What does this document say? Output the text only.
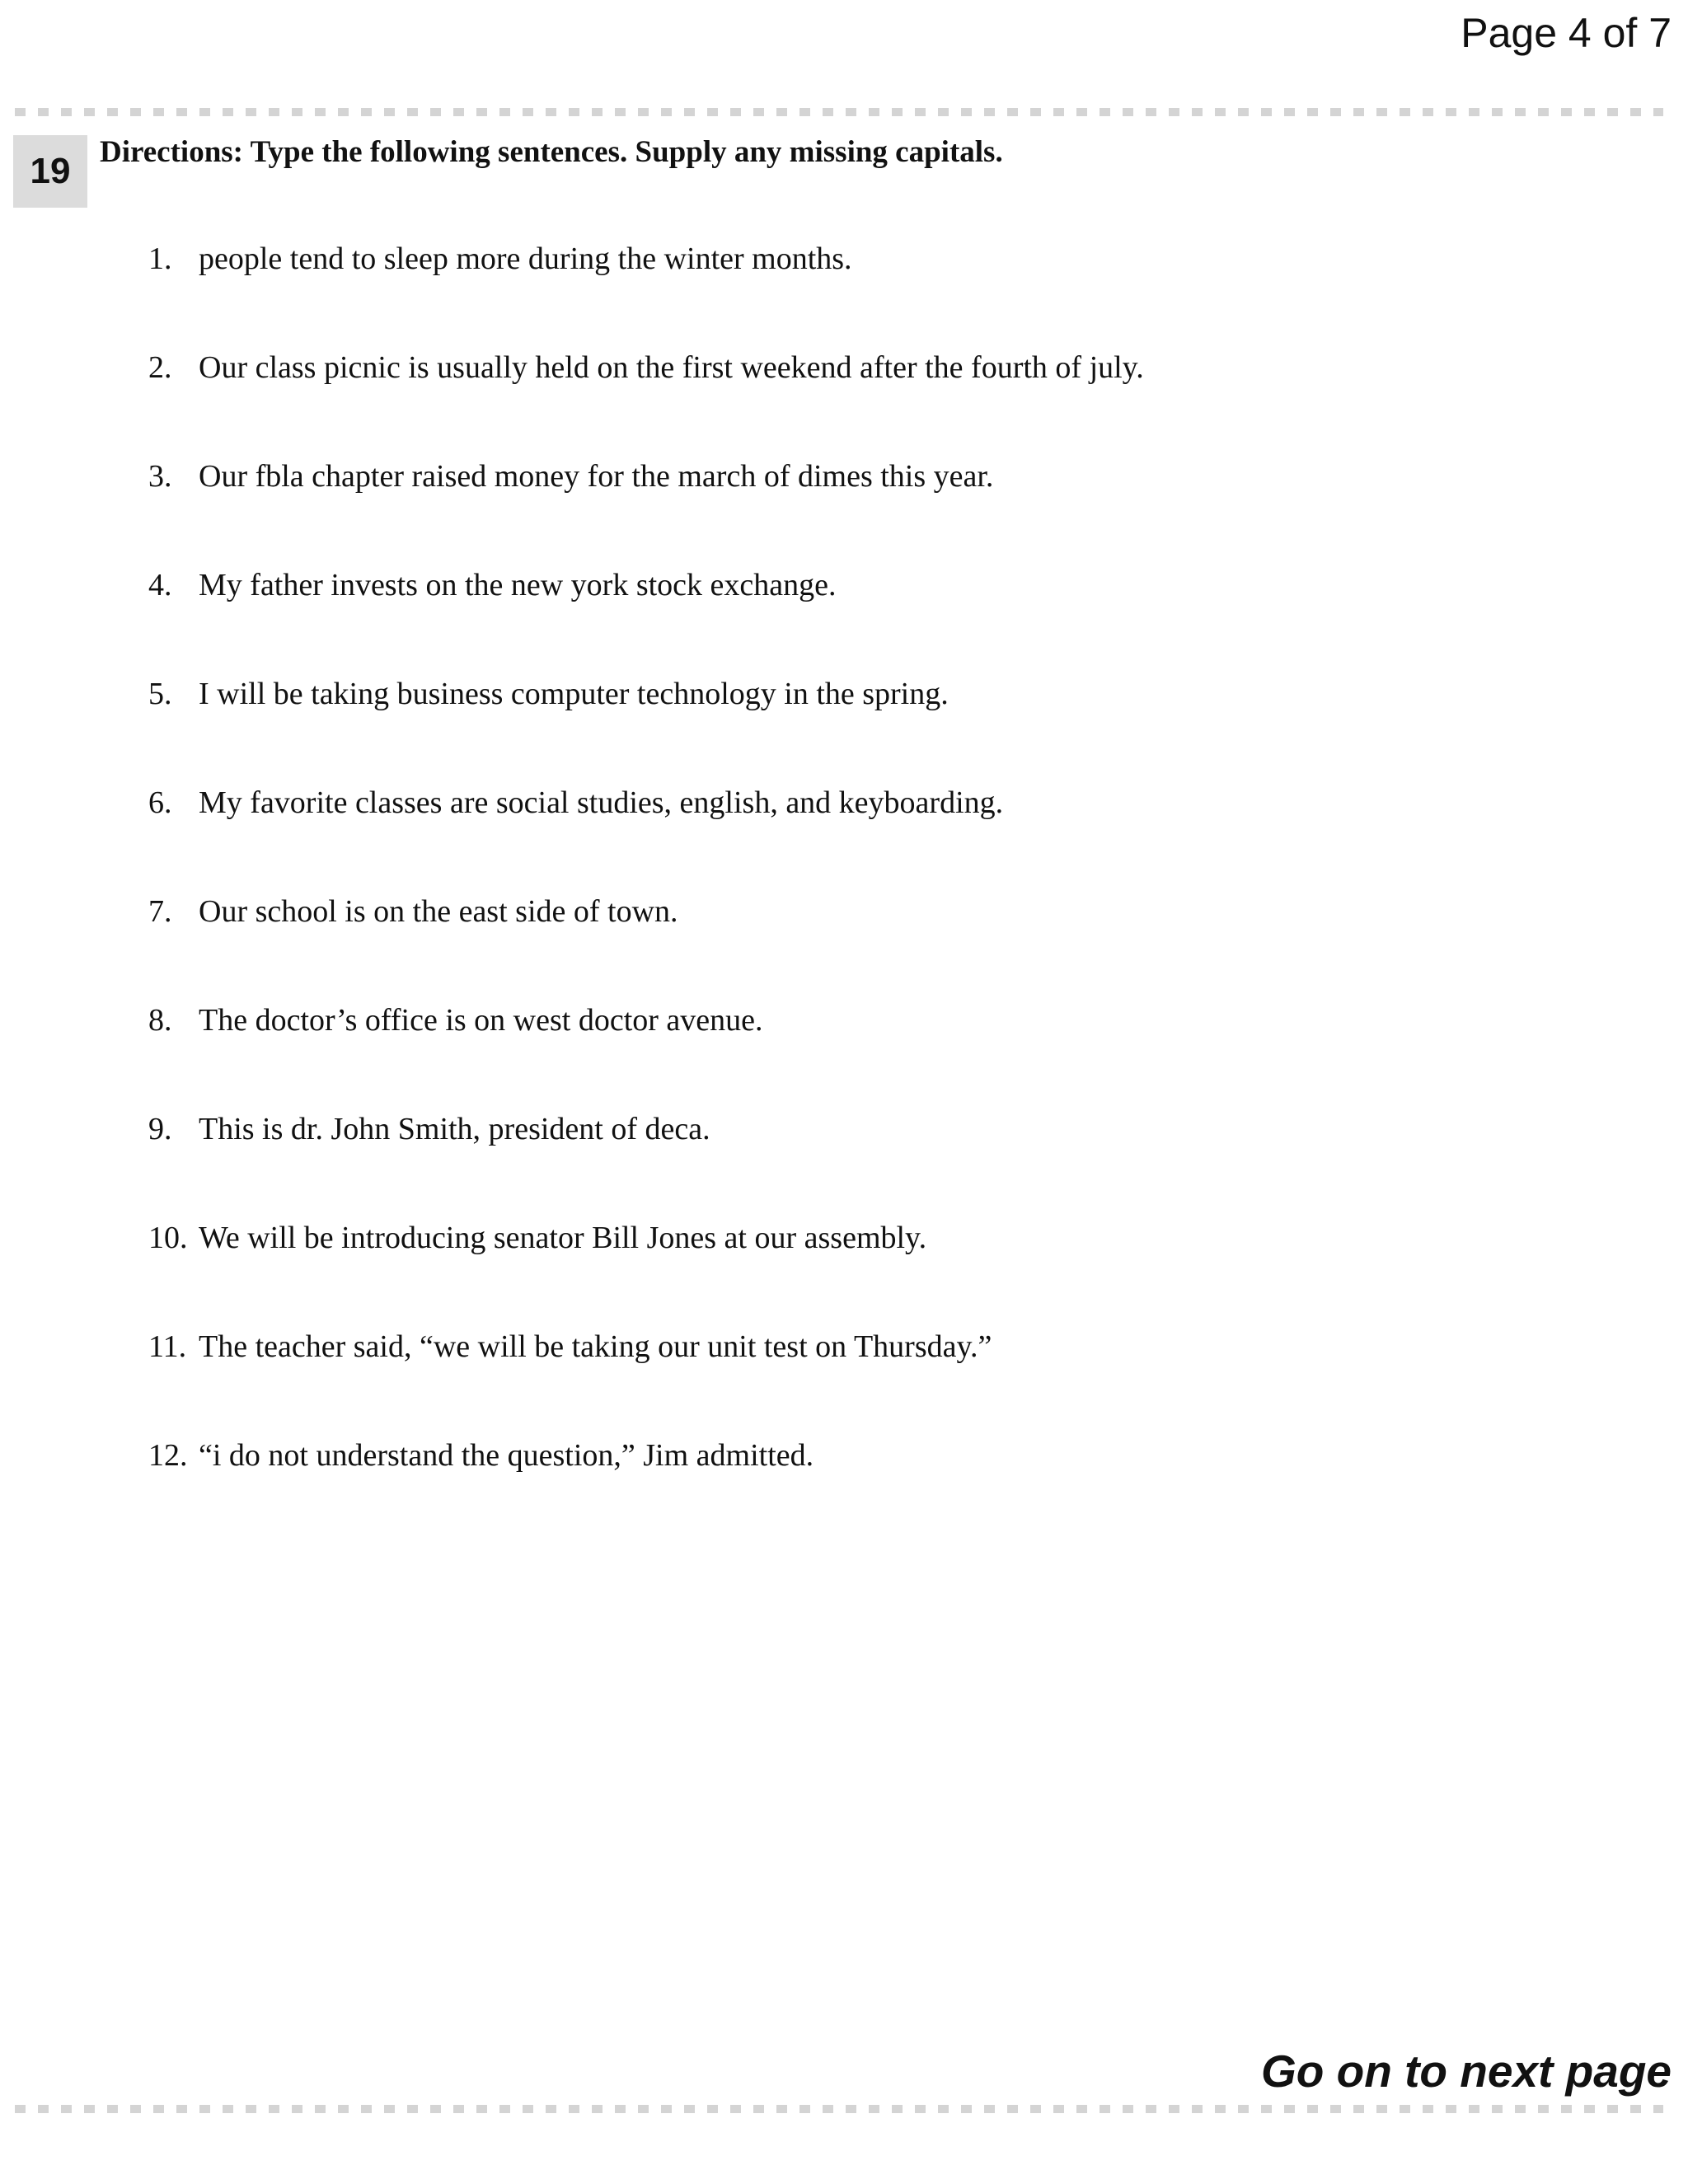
Page 4 of 7
19 Directions: Type the following sentences. Supply any missing capitals.
1. people tend to sleep more during the winter months.
2. Our class picnic is usually held on the first weekend after the fourth of july.
3. Our fbla chapter raised money for the march of dimes this year.
4. My father invests on the new york stock exchange.
5. I will be taking business computer technology in the spring.
6. My favorite classes are social studies, english, and keyboarding.
7. Our school is on the east side of town.
8. The doctor’s office is on west doctor avenue.
9. This is dr. John Smith, president of deca.
10. We will be introducing senator Bill Jones at our assembly.
11. The teacher said, “we will be taking our unit test on Thursday.”
12. “i do not understand the question,” Jim admitted.
Go on to next page
